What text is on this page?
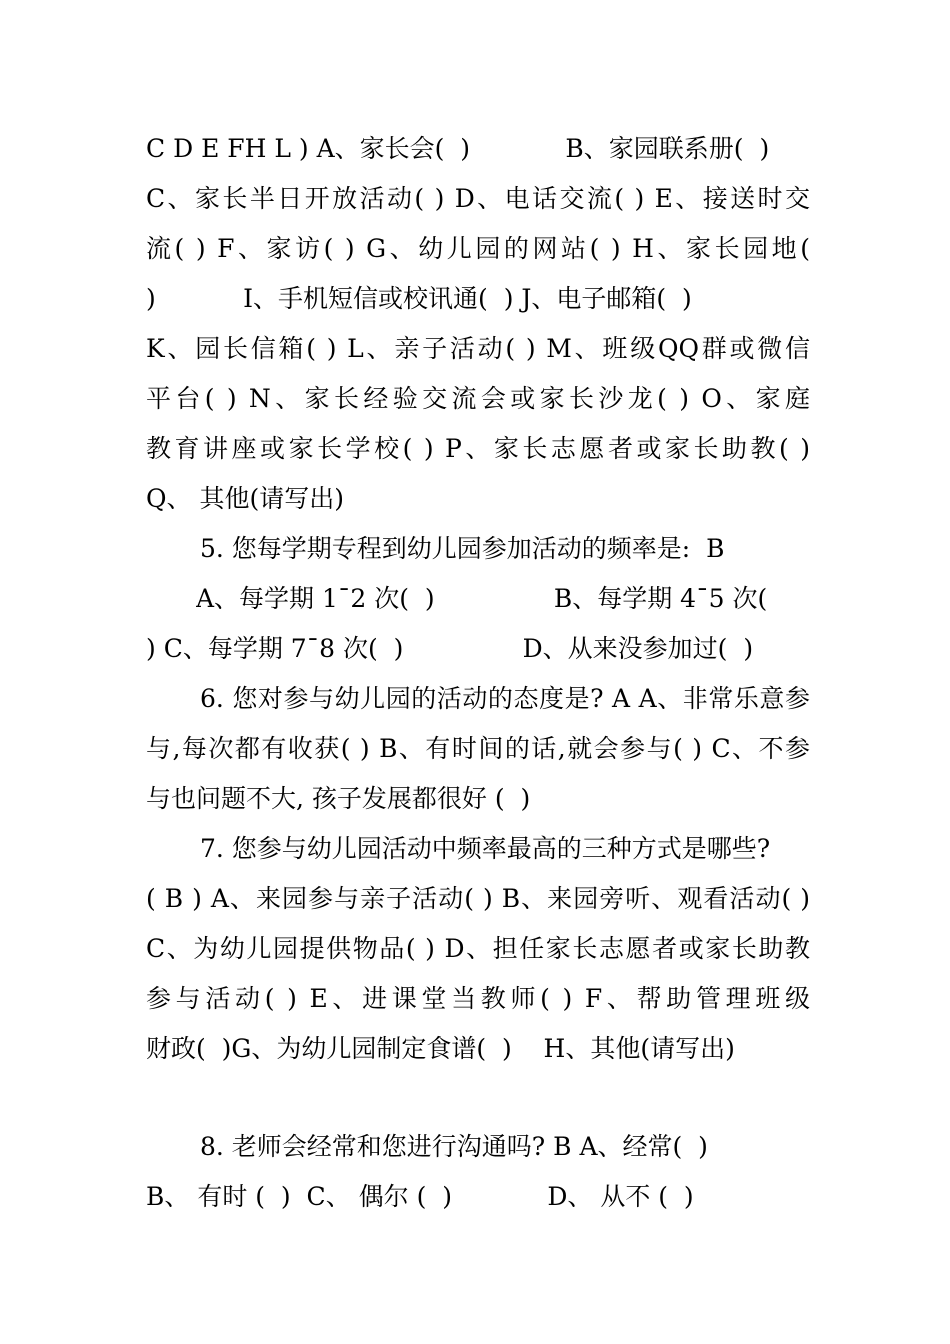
C D E FH L ) A、家长会(  )            B、家园联系册(  )
C、家长半日开放活动( ) D、电话交流( ) E、接送时交
流( ) F、家访( ) G、幼儿园的网站( ) H、家长园地(
)           I、手机短信或校讯通(  ) J、电子邮箱(  )
K、园长信箱( ) L、亲子活动( ) M、班级QQ群或微信
平台( ) N、家长经验交流会或家长沙龙( ) O、家庭
教育讲座或家长学校( ) P、家长志愿者或家长助教( )
Q、 其他(请写出)
5. 您每学期专程到幼儿园参加活动的频率是:  B
A、每学期 1¯2 次(  )               B、每学期 4¯5 次(
) C、每学期 7¯8 次(  )               D、从来没参加过(  )
6. 您对参与幼儿园的活动的态度是? A A、非常乐意参
与,每次都有收获( ) B、有时间的话,就会参与( ) C、不参
与也问题不大, 孩子发展都很好 (  )
7. 您参与幼儿园活动中频率最高的三种方式是哪些?
( B ) A、来园参与亲子活动( ) B、来园旁听、观看活动( )
C、为幼儿园提供物品( ) D、担任家长志愿者或家长助教
参与活动( ) E、进课堂当教师( ) F、帮助管理班级
财政(  )G、为幼儿园制定食谱(  )    H、其他(请写出)
8. 老师会经常和您进行沟通吗? B A、经常(  )
B、 有时 (  )  C、 偶尔 (  )            D、 从不 (  )
